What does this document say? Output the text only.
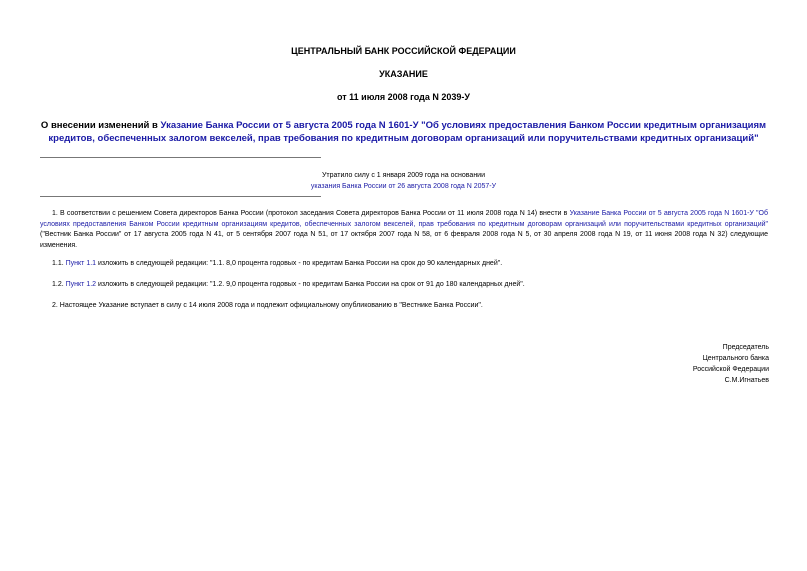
ЦЕНТРАЛЬНЫЙ БАНК РОССИЙСКОЙ ФЕДЕРАЦИИ
УКАЗАНИЕ
от 11 июля 2008 года N 2039-У
О внесении изменений в Указание Банка России от 5 августа 2005 года N 1601-У "Об условиях предоставления Банком России кредитным организациям кредитов, обеспеченных залогом векселей, прав требования по кредитным договорам организаций или поручительствами кредитных организаций"
Утратило силу с 1 января 2009 года на основании
указания Банка России от 26 августа 2008 года N 2057-У
1. В соответствии с решением Совета директоров Банка России (протокол заседания Совета директоров Банка России от 11 июля 2008 года N 14) внести в Указание Банка России от 5 августа 2005 года N 1601-У "Об условиях предоставления Банком России кредитным организациям кредитов, обеспеченных залогом векселей, прав требования по кредитным договорам организаций или поручительствами кредитных организаций" ("Вестник Банка России" от 17 августа 2005 года N 41, от 5 сентября 2007 года N 51, от 17 октября 2007 года N 58, от 6 февраля 2008 года N 5, от 30 апреля 2008 года N 19, от 11 июня 2008 года N 32) следующие изменения.
1.1. Пункт 1.1 изложить в следующей редакции: "1.1. 8,0 процента годовых - по кредитам Банка России на срок до 90 календарных дней".
1.2. Пункт 1.2 изложить в следующей редакции: "1.2. 9,0 процента годовых - по кредитам Банка России на срок от 91 до 180 календарных дней".
2. Настоящее Указание вступает в силу с 14 июля 2008 года и подлежит официальному опубликованию в "Вестнике Банка России".
Председатель
Центрального банка
Российской Федерации
С.М.Игнатьев
